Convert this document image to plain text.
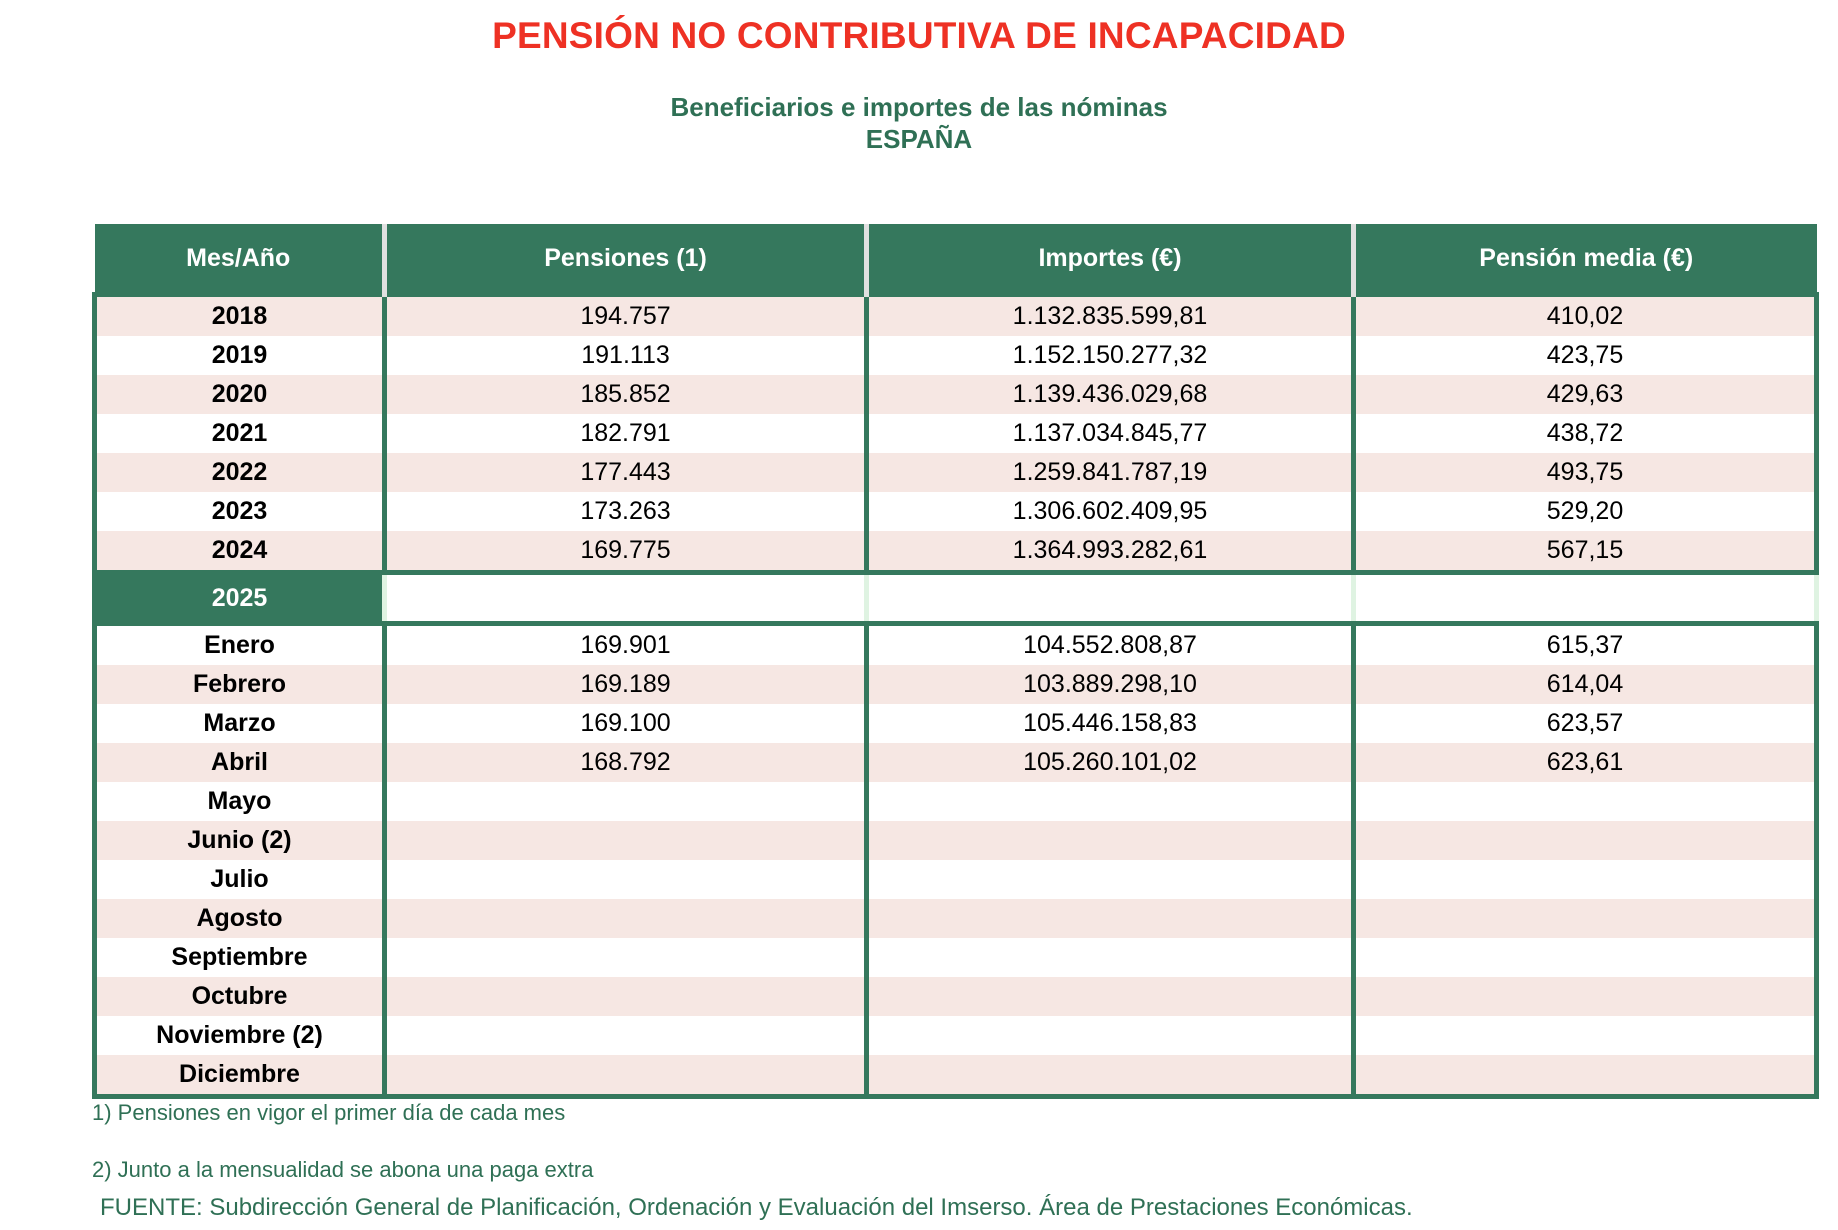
PENSIÓN NO CONTRIBUTIVA DE INCAPACIDAD
Beneficiarios e importes de las nóminas
ESPAÑA
Mes/Año	Pensiones (1)	Importes (€)	Pensión media (€)
2018	194.757	1.132.835.599,81	410,02
2019	191.113	1.152.150.277,32	423,75
2020	185.852	1.139.436.029,68	429,63
2021	182.791	1.137.034.845,77	438,72
2022	177.443	1.259.841.787,19	493,75
2023	173.263	1.306.602.409,95	529,20
2024	169.775	1.364.993.282,61	567,15
2025			
Enero	169.901	104.552.808,87	615,37
Febrero	169.189	103.889.298,10	614,04
Marzo	169.100	105.446.158,83	623,57
Abril	168.792	105.260.101,02	623,61
Mayo			
Junio (2)			
Julio			
Agosto			
Septiembre			
Octubre			
Noviembre (2)			
Diciembre			

1) Pensiones en vigor el primer día de cada mes

2) Junto a la mensualidad se abona una paga extra

FUENTE: Subdirección General de Planificación, Ordenación y Evaluación del Imserso. Área de Prestaciones Económicas.
